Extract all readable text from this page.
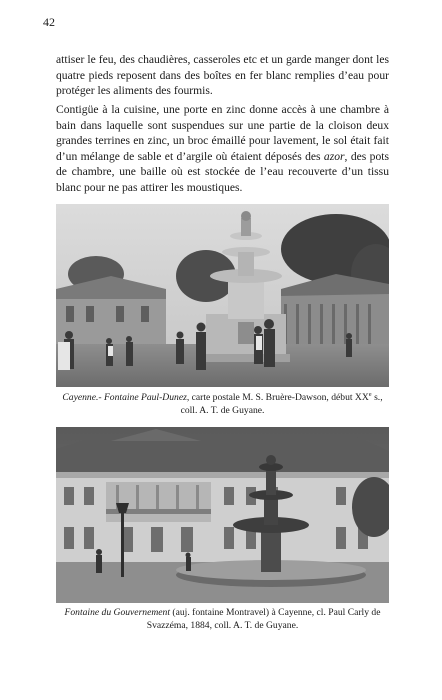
42

attiser le feu, des chaudières, casseroles etc et un garde manger dont les quatre pieds reposent dans des boîtes en fer blanc remplies d’eau pour protéger les aliments des fourmis.

Contigüe à la cuisine, une porte en zinc donne accès à une chambre à bain dans laquelle sont suspendues sur une partie de la cloison deux grandes terrines en zinc, un broc émaillé pour lavement, le sol était fait d’un mélange de sable et d’argile où étaient déposés des azor, des pots de chambre, une baille où est stockée de l’eau recouverte d’un tissu blanc pour ne pas attirer les moustiques.

Cayenne.- Fontaine Paul-Dunez, carte postale M. S. Bruère-Dawson, début XXe s., coll. A. T. de Guyane.

Fontaine du Gouvernement (auj. fontaine Montravel) à Cayenne, cl. Paul Carly de Svazzéma, 1884, coll. A. T. de Guyane.
